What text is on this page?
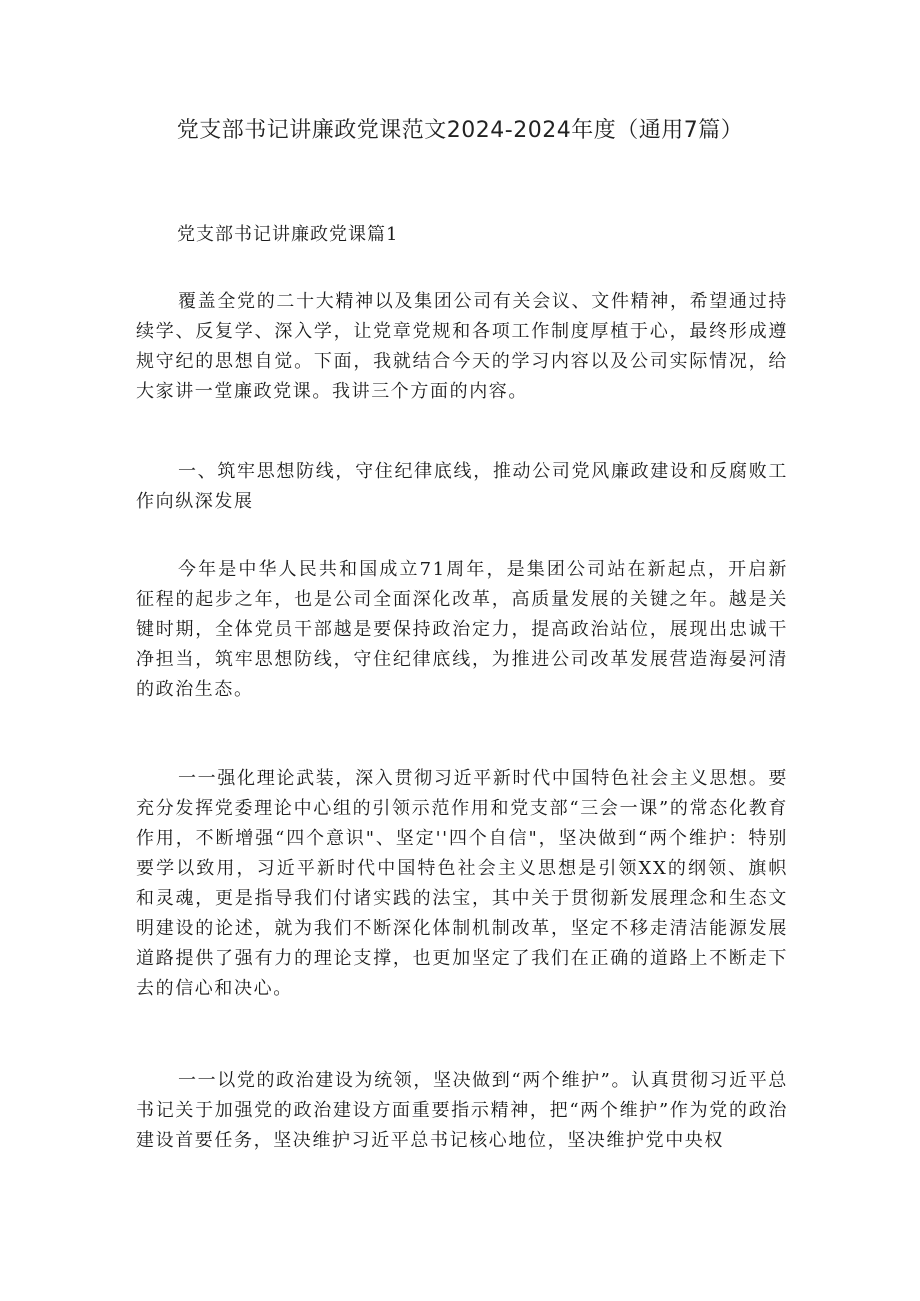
党支部书记讲廉政党课范文2024-2024年度（通用7篇）

党支部书记讲廉政党课篇1

覆盖全党的二十大精神以及集团公司有关会议、文件精神，希望通过持续学、反复学、深入学，让党章党规和各项工作制度厚植于心，最终形成遵规守纪的思想自觉。下面，我就结合今天的学习内容以及公司实际情况，给大家讲一堂廉政党课。我讲三个方面的内容。

一、筑牢思想防线，守住纪律底线，推动公司党风廉政建设和反腐败工作向纵深发展

今年是中华人民共和国成立71周年，是集团公司站在新起点，开启新征程的起步之年，也是公司全面深化改革，高质量发展的关键之年。越是关键时期，全体党员干部越是要保持政治定力，提高政治站位，展现出忠诚干净担当，筑牢思想防线，守住纪律底线，为推进公司改革发展营造海晏河清的政治生态。

一一强化理论武装，深入贯彻习近平新时代中国特色社会主义思想。要充分发挥党委理论中心组的引领示范作用和党支部“三会一课”的常态化教育作用，不断增强“四个意识"、坚定''四个自信"，坚决做到“两个维护：特别要学以致用，习近平新时代中国特色社会主义思想是引领XX的纲领、旗帜和灵魂，更是指导我们付诸实践的法宝，其中关于贯彻新发展理念和生态文明建设的论述，就为我们不断深化体制机制改革，坚定不移走清洁能源发展道路提供了强有力的理论支撑，也更加坚定了我们在正确的道路上不断走下去的信心和决心。

一一以党的政治建设为统领，坚决做到“两个维护”。认真贯彻习近平总书记关于加强党的政治建设方面重要指示精神，把“两个维护”作为党的政治建设首要任务，坚决维护习近平总书记核心地位，坚决维护党中央权
